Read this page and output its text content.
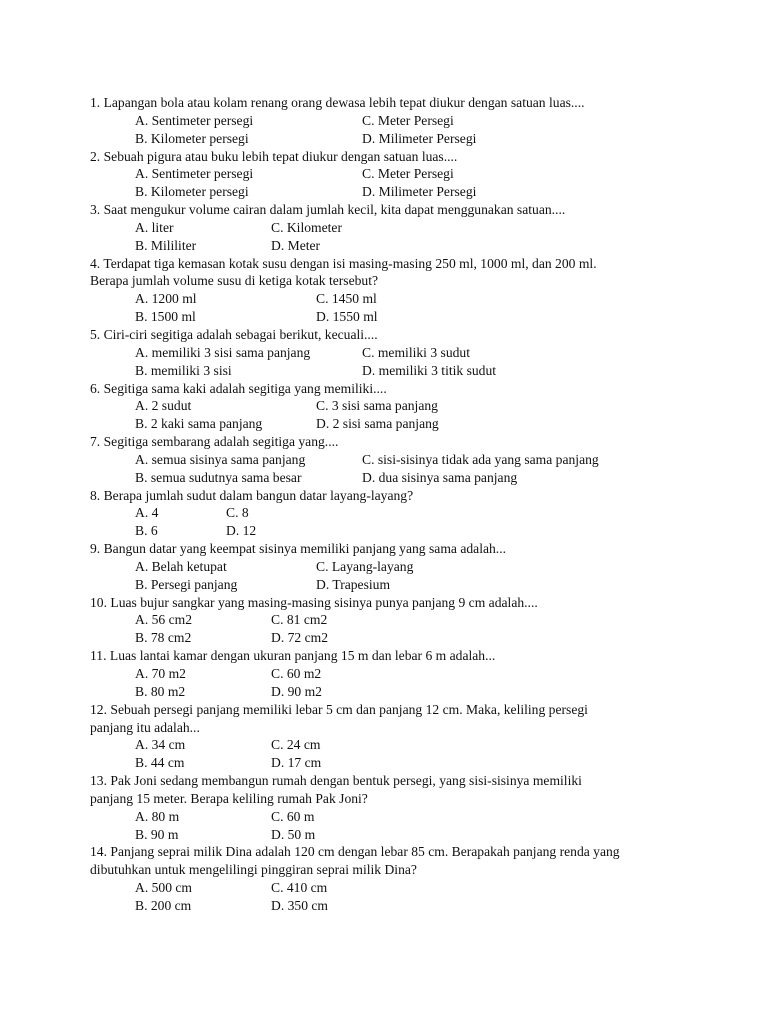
1. Lapangan bola atau kolam renang orang dewasa lebih tepat diukur dengan satuan luas....
A. Sentimeter persegi	C. Meter Persegi
B. Kilometer persegi	D. Milimeter Persegi
2. Sebuah pigura atau buku lebih tepat diukur dengan satuan luas....
A. Sentimeter persegi	C. Meter Persegi
B. Kilometer persegi	D. Milimeter Persegi
3. Saat mengukur volume cairan dalam jumlah kecil, kita dapat menggunakan satuan....
A. liter	C. Kilometer
B. Mililiter	D. Meter
4. Terdapat tiga kemasan kotak susu dengan isi masing-masing 250 ml, 1000 ml, dan 200 ml.
Berapa jumlah volume susu di ketiga kotak tersebut?
A. 1200 ml	C. 1450 ml
B. 1500 ml	D. 1550 ml
5. Ciri-ciri segitiga adalah sebagai berikut, kecuali....
A. memiliki 3 sisi sama panjang	C. memiliki 3 sudut
B. memiliki 3 sisi	D. memiliki 3 titik sudut
6. Segitiga sama kaki adalah segitiga yang memiliki....
A. 2 sudut	C. 3 sisi sama panjang
B. 2 kaki sama panjang	D. 2 sisi sama panjang
7. Segitiga sembarang adalah segitiga yang....
A. semua sisinya sama panjang	C. sisi-sisinya tidak ada yang sama panjang
B. semua sudutnya sama besar	D. dua sisinya sama panjang
8. Berapa jumlah sudut dalam bangun datar layang-layang?
A. 4	C. 8
B. 6	D. 12
9. Bangun datar yang keempat sisinya memiliki panjang yang sama adalah...
A. Belah ketupat	C. Layang-layang
B. Persegi panjang	D. Trapesium
10. Luas bujur sangkar yang masing-masing sisinya punya panjang 9 cm adalah....
A. 56 cm2	C. 81 cm2
B. 78 cm2	D. 72 cm2
11. Luas lantai kamar dengan ukuran panjang 15 m dan lebar 6 m adalah...
A. 70 m2	C. 60 m2
B. 80 m2	D. 90 m2
12. Sebuah persegi panjang memiliki lebar 5 cm dan panjang 12 cm. Maka, keliling persegi
panjang itu adalah...
A. 34 cm	C. 24 cm
B. 44 cm	D. 17 cm
13. Pak Joni sedang membangun rumah dengan bentuk persegi, yang sisi-sisinya memiliki
panjang 15 meter. Berapa keliling rumah Pak Joni?
A. 80 m	C. 60 m
B. 90 m	D. 50 m
14. Panjang seprai milik Dina adalah 120 cm dengan lebar 85 cm. Berapakah panjang renda yang
dibutuhkan untuk mengelilingi pinggiran seprai milik Dina?
A. 500 cm	C. 410 cm
B. 200 cm	D. 350 cm
